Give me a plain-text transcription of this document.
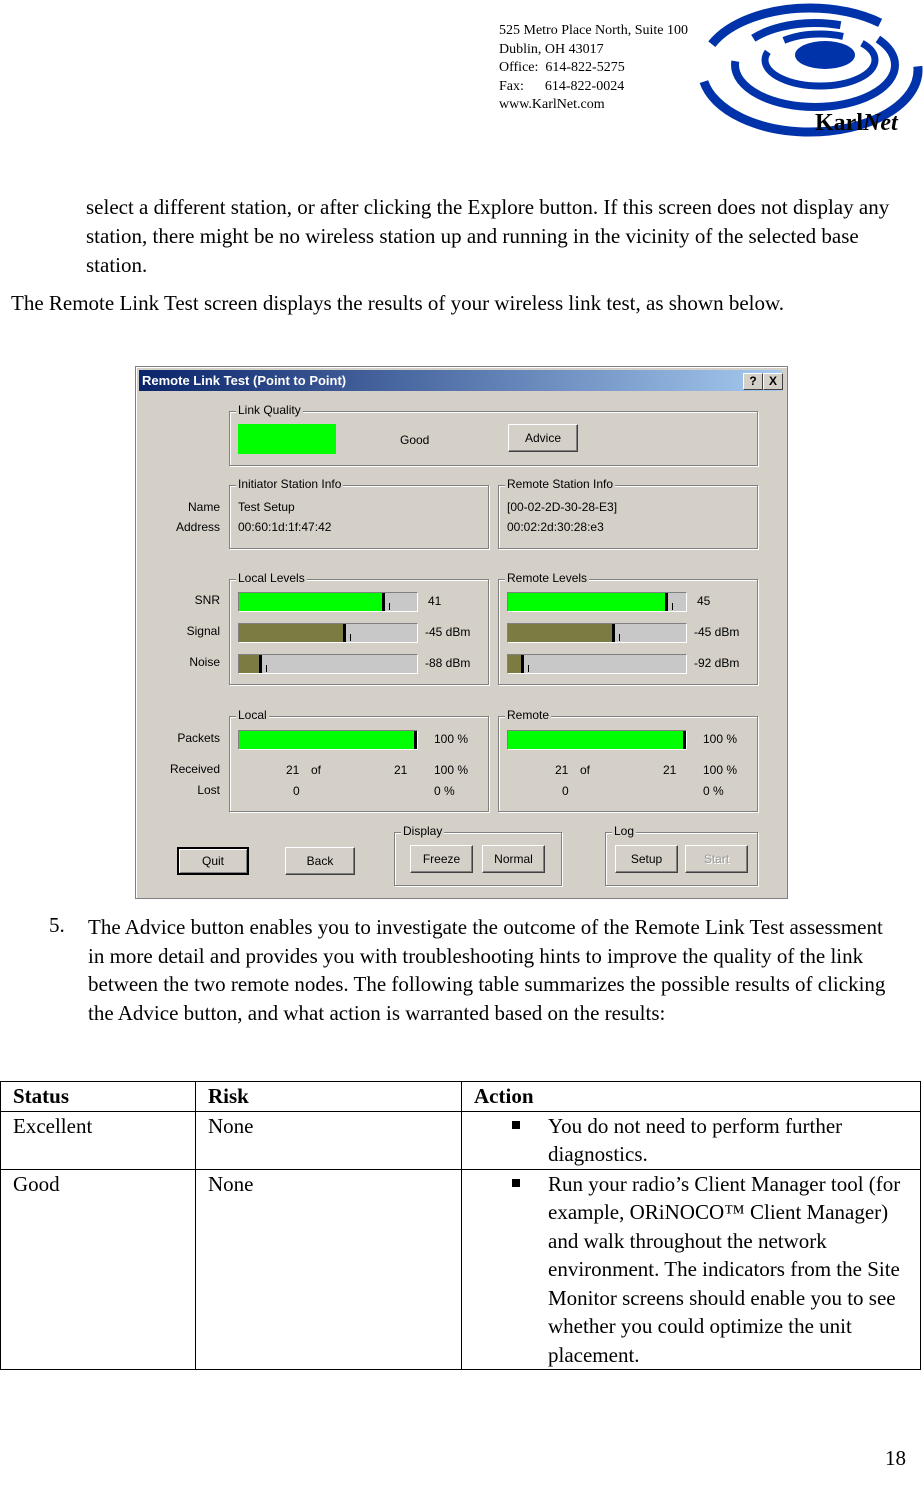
525 Metro Place North, Suite 100
Dublin, OH 43017
Office:  614-822-5275
Fax:      614-822-0024
www.KarlNet.com
KarlNet
select a different station, or after clicking the Explore button. If this screen does not display any station, there might be no wireless station up and running in the vicinity of the selected base station.
The Remote Link Test screen displays the results of your wireless link test, as shown below.
Remote Link Test (Point to Point)	?	X
Link Quality
Good	Advice
Name
Address
Initiator Station Info
Test Setup
00:60:1d:1f:47:42
Remote Station Info
[00-02-2D-30-28-E3]
00:02:2d:30:28:e3
SNR
Signal
Noise
Local Levels
41
-45 dBm
-88 dBm
Remote Levels
45
-45 dBm
-92 dBm
Packets
Received
Lost
Local
100 %
21 of	21 100 %
0	0 %
Remote
100 %
21 of	21 100 %
0	0 %
Quit	Back
Display
Freeze	Normal
Log
Setup	Start
5. The Advice button enables you to investigate the outcome of the Remote Link Test assessment in more detail and provides you with troubleshooting hints to improve the quality of the link between the two remote nodes. The following table summarizes the possible results of clicking the Advice button, and what action is warranted based on the results:
Status	Risk	Action
Excellent	None	You do not need to perform further diagnostics.
Good	None	Run your radio’s Client Manager tool (for example, ORiNOCO™ Client Manager) and walk throughout the network environment. The indicators from the Site Monitor screens should enable you to see whether you could optimize the unit placement.
18
